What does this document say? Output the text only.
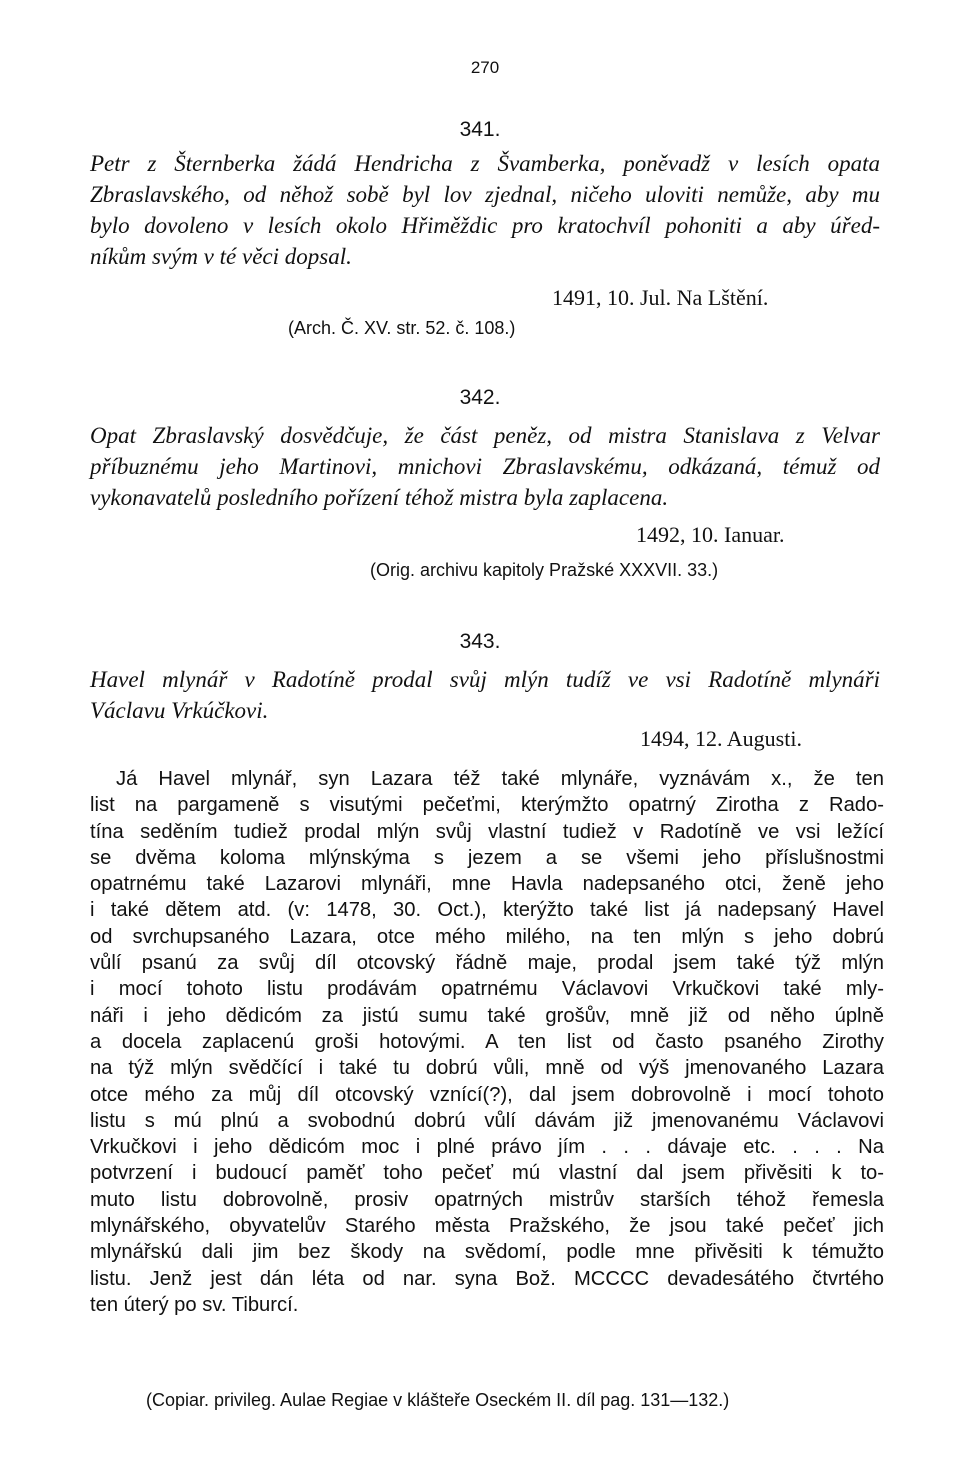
270
341.
Petr z Šternberka žádá Hendricha z Švamberka, poněvadž v lesích opata
Zbraslavského, od něhož sobě byl lov zjednal, ničeho uloviti nemůže, aby mu
bylo dovoleno v lesích okolo Hřiměždic pro kratochvíl pohoniti a aby úřed-
níkům svým v té věci dopsal.
1491, 10. Jul. Na Lštění.
(Arch. Č. XV. str. 52. č. 108.)
342.
Opat Zbraslavský dosvědčuje, že část peněz, od mistra Stanislava z Velvar
příbuznému jeho Martinovi, mnichovi Zbraslavskému, odkázaná, témuž od
vykonavatelů posledního pořízení téhož mistra byla zaplacena.
1492, 10. Ianuar.
(Orig. archivu kapitoly Pražské XXXVII. 33.)
343.
Havel mlynář v Radotíně prodal svůj mlýn tudíž ve vsi Radotíně mlynáři
Václavu Vrkúčkovi.
1494, 12. Augusti.
Já Havel mlynář, syn Lazara též také mlynáře, vyznávám x., že ten
list na pargameně s visutými pečeťmi, kterýmžto opatrný Zirotha z Rado-
tína seděním tudiež prodal mlýn svůj vlastní tudiež v Radotíně ve vsi ležící
se dvěma koloma mlýnskýma s jezem a se všemi jeho příslušnostmi
opatrnému také Lazarovi mlynáři, mne Havla nadepsaného otci, ženě jeho
i také dětem atd. (v: 1478, 30. Oct.), kterýžto také list já nadepsaný Havel
od svrchupsaného Lazara, otce mého milého, na ten mlýn s jeho dobrú
vůlí psanú za svůj díl otcovský řádně maje, prodal jsem také týž mlýn
i mocí tohoto listu prodávám opatrnému Václavovi Vrkučkovi také mly-
náři i jeho dědicóm za jistú sumu také grošův, mně již od něho úplně
a docela zaplacenú groši hotovými. A ten list od často psaného Zirothy
na týž mlýn svědčící i také tu dobrú vůli, mně od výš jmenovaného Lazara
otce mého za můj díl otcovský vznící(?), dal jsem dobrovolně i mocí tohoto
listu s mú plnú a svobodnú dobrú vůlí dávám již jmenovanému Václavovi
Vrkučkovi i jeho dědicóm moc i plné právo jím . . . dávaje etc. . . . Na
potvrzení i budoucí paměť toho pečeť mú vlastní dal jsem přivěsiti k to-
muto listu dobrovolně, prosiv opatrných mistrův starších téhož řemesla
mlynářského, obyvatelův Starého města Pražského, že jsou také pečeť jich
mlynářskú dali jim bez škody na svědomí, podle mne přivěsiti k témužto
listu. Jenž jest dán léta od nar. syna Bož. MCCCC devadesátého čtvrtého
ten úterý po sv. Tiburcí.
(Copiar. privileg. Aulae Regiae v klášteře Oseckém II. díl pag. 131—132.)
